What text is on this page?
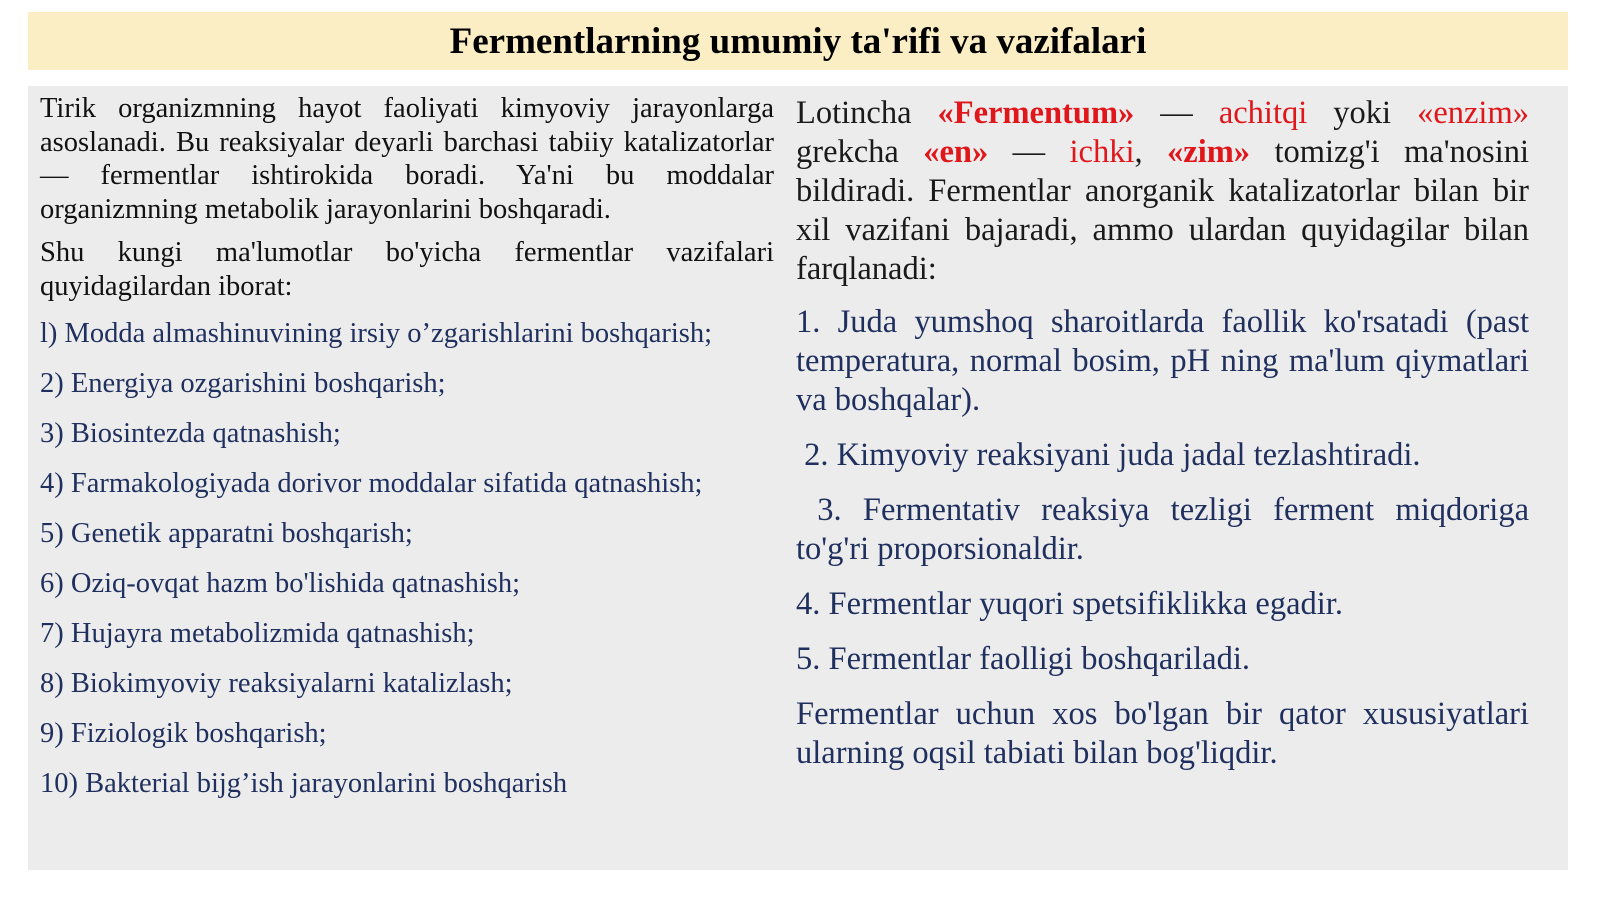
Fermentlarning umumiy ta'rifi va vazifalari

Tirik organizmning hayot faoliyati kimyoviy jarayonlarga asoslanadi. Bu reaksiyalar deyarli barchasi tabiiy katalizatorlar — fermentlar ishtirokida boradi. Ya'ni bu moddalar organizmning metabolik jarayonlarini boshqaradi.

Shu kungi ma'lumotlar bo'yicha fermentlar vazifalari quyidagilardan iborat:

l) Modda almashinuvining irsiy o’zgarishlarini boshqarish;
2) Energiya ozgarishini boshqarish;
3) Biosintezda qatnashish;
4) Farmakologiyada dorivor moddalar sifatida qatnashish;
5) Genetik apparatni boshqarish;
6) Oziq-ovqat hazm bo'lishida qatnashish;
7) Hujayra metabolizmida qatnashish;
8) Biokimyoviy reaksiyalarni katalizlash;
9) Fiziologik boshqarish;
10) Bakterial bijg’ish jarayonlarini boshqarish

Lotincha «Fermentum» — achitqi yoki «enzim» grekcha «en» — ichki, «zim» tomizg'i ma'nosini bildiradi. Fermentlar anorganik katalizatorlar bilan bir xil vazifani bajaradi, ammo ulardan quyidagilar bilan farqlanadi:

1. Juda yumshoq sharoitlarda faollik ko'rsatadi (past temperatura, normal bosim, pH ning ma'lum qiymatlari va boshqalar).

2. Kimyoviy reaksiyani juda jadal tezlashtiradi.

3. Fermentativ reaksiya tezligi ferment miqdoriga to'g'ri proporsionaldir.

4. Fermentlar yuqori spetsifiklikka egadir.

5. Fermentlar faolligi boshqariladi.

Fermentlar uchun xos bo'lgan bir qator xususiyatlari ularning oqsil tabiati bilan bog'liqdir.
